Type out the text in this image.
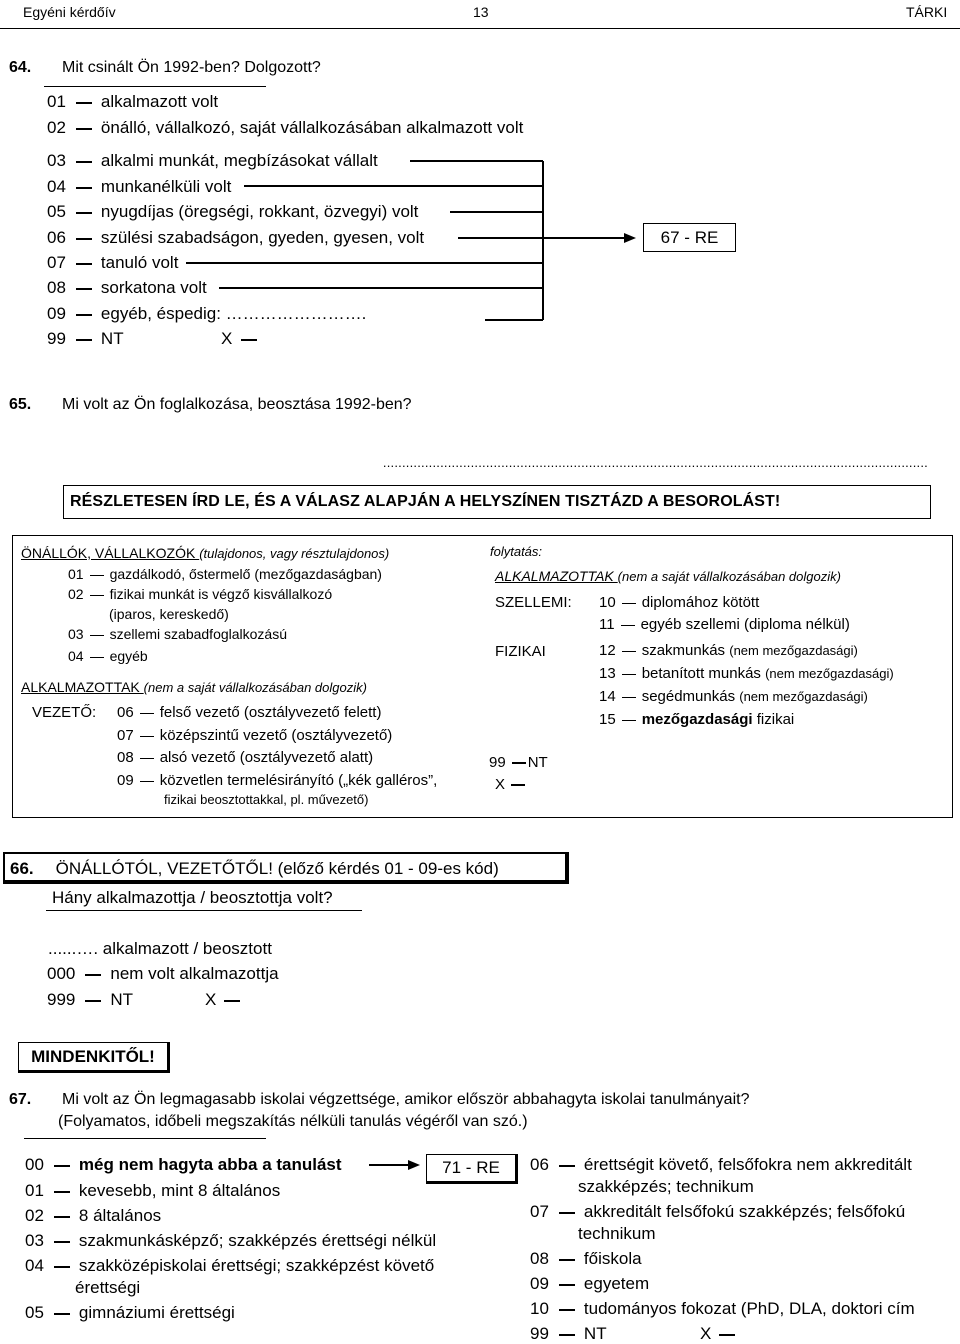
Egyéni kérdőív	13	TÁRKI
64. Mit csinált Ön 1992-ben? Dolgozott?
01 alkalmazott volt
02 önálló, vállalkozó, saját vállalkozásában alkalmazott volt
03 alkalmi munkát, megbízásokat vállalt
04 munkanélküli volt
05 nyugdíjas (öregségi, rokkant, özvegyi) volt
06 szülési szabadságon, gyeden, gyesen, volt
07 tanuló volt
08 sorkatona volt
09 egyéb, éspedig: …………………….
99 NT	X
67 - RE
65. Mi volt az Ön foglalkozása, beosztása 1992-ben?
...............................................................................................................................................
RÉSZLETESEN ÍRD LE, ÉS A VÁLASZ ALAPJÁN A HELYSZÍNEN TISZTÁZD A BESOROLÁST!
ÖNÁLLÓK, VÁLLALKOZÓK (tulajdonos, vagy résztulajdonos)
01 gazdálkodó, őstermelő (mezőgazdaságban)
02 fizikai munkát is végző kisvállalkozó
(iparos, kereskedő)
03 szellemi szabadfoglalkozású
04 egyéb
ALKALMAZOTTAK (nem a saját vállalkozásában dolgozik)
VEZETŐ: 06 felső vezető (osztályvezető felett)
07 középszintű vezető (osztályvezető)
08 alsó vezető (osztályvezető alatt)
09 közvetlen termelésirányító („kék galléros”,
fizikai beosztottakkal, pl. művezető)
folytatás:
ALKALMAZOTTAK (nem a saját vállalkozásában dolgozik)
SZELLEMI:
FIZIKAI
10 diplomához kötött
11 egyéb szellemi (diploma nélkül)
12 szakmunkás (nem mezőgazdasági)
13 betanított munkás (nem mezőgazdasági)
14 segédmunkás (nem mezőgazdasági)
15 mezőgazdasági fizikai
99 NT
X
66. ÖNÁLLÓTÓL, VEZETŐTŐL! (előző kérdés 01 - 09-es kód)
Hány alkalmazottja / beosztottja volt?
......…. alkalmazott / beosztott
000 nem volt alkalmazottja
999 NT	X
MINDENKITŐL!
67. Mi volt az Ön legmagasabb iskolai végzettsége, amikor először abbahagyta iskolai tanulmányait?
(Folyamatos, időbeli megszakítás nélküli tanulás végéről van szó.)
00 még nem hagyta abba a tanulást
01 kevesebb, mint 8 általános
02 8 általános
03 szakmunkásképző; szakképzés érettségi nélkül
04 szakközépiskolai érettségi; szakképzést követő
érettségi
05 gimnáziumi érettségi
06 érettségit követő, felsőfokra nem akkreditált
szakképzés; technikum
07 akkreditált felsőfokú szakképzés; felsőfokú
technikum
08 főiskola
09 egyetem
10 tudományos fokozat (PhD, DLA, doktori cím
99 NT	X
71 - RE
